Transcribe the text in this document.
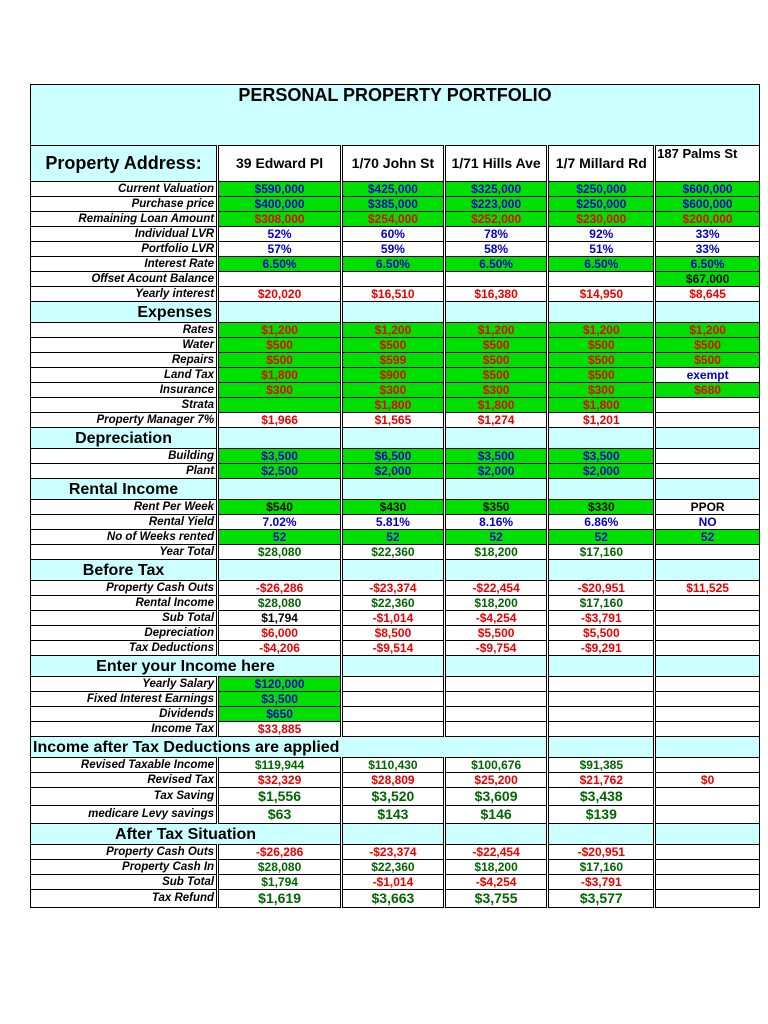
PERSONAL PROPERTY PORTFOLIO					
Property Address:	39 Edward Pl	1/70 John St	1/71 Hills Ave	1/7 Millard Rd	187 Palms St
Current Valuation	$590,000	$425,000	$325,000	$250,000	$600,000
Purchase price	$400,000	$385,000	$223,000	$250,000	$600,000
Remaining Loan Amount	$308,000	$254,000	$252,000	$230,000	$200,000
Individual LVR	52%	60%	78%	92%	33%
Portfolio LVR	57%	59%	58%	51%	33%
Interest Rate	6.50%	6.50%	6.50%	6.50%	6.50%
Offset Acount Balance					$67,000
Yearly interest	$20,020	$16,510	$16,380	$14,950	$8,645
Expenses					
Rates	$1,200	$1,200	$1,200	$1,200	$1,200
Water	$500	$500	$500	$500	$500
Repairs	$500	$599	$500	$500	$500
Land Tax	$1,800	$900	$500	$500	exempt
Insurance	$300	$300	$300	$300	$680
Strata		$1,800	$1,800	$1,800	
Property Manager 7%	$1,966	$1,565	$1,274	$1,201	
Depreciation					
Building	$3,500	$6,500	$3,500	$3,500	
Plant	$2,500	$2,000	$2,000	$2,000	
Rental Income					
Rent Per Week	$540	$430	$350	$330	PPOR
Rental Yield	7.02%	5.81%	8.16%	6.86%	NO
No of Weeks rented	52	52	52	52	52
Year Total	$28,080	$22,360	$18,200	$17,160	
Before Tax					
Property Cash Outs	-$26,286	-$23,374	-$22,454	-$20,951	$11,525
Rental Income	$28,080	$22,360	$18,200	$17,160	
Sub Total	$1,794	-$1,014	-$4,254	-$3,791	
Depreciation	$6,000	$8,500	$5,500	$5,500	
Tax Deductions	-$4,206	-$9,514	-$9,754	-$9,291	
Enter your Income here					
Yearly Salary	$120,000				
Fixed Interest Earnings	$3,500				
Dividends	$650				
Income Tax	$33,885				
Income after Tax Deductions are applied					
Revised Taxable Income	$119,944	$110,430	$100,676	$91,385	
Revised Tax	$32,329	$28,809	$25,200	$21,762	$0
Tax Saving	$1,556	$3,520	$3,609	$3,438	
medicare Levy savings	$63	$143	$146	$139	
After Tax Situation					
Property Cash Outs	-$26,286	-$23,374	-$22,454	-$20,951	
Property Cash In	$28,080	$22,360	$18,200	$17,160	
Sub Total	$1,794	-$1,014	-$4,254	-$3,791	
Tax Refund	$1,619	$3,663	$3,755	$3,577	
